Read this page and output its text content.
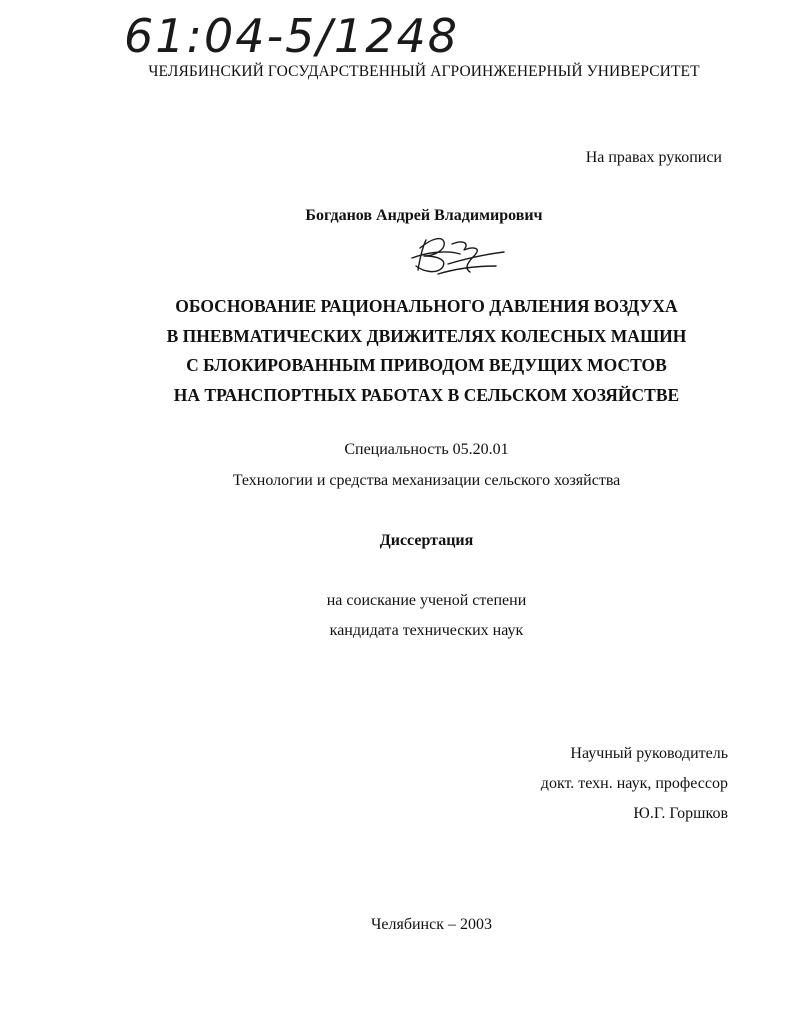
61:04-5/1248
ЧЕЛЯБИНСКИЙ ГОСУДАРСТВЕННЫЙ АГРОИНЖЕНЕРНЫЙ УНИВЕРСИТЕТ
На правах рукописи
Богданов Андрей Владимирович
ОБОСНОВАНИЕ РАЦИОНАЛЬНОГО ДАВЛЕНИЯ ВОЗДУХА
В ПНЕВМАТИЧЕСКИХ ДВИЖИТЕЛЯХ КОЛЕСНЫХ МАШИН
С БЛОКИРОВАННЫМ ПРИВОДОМ ВЕДУЩИХ МОСТОВ
НА ТРАНСПОРТНЫХ РАБОТАХ В СЕЛЬСКОМ ХОЗЯЙСТВЕ
Специальность 05.20.01
Технологии и средства механизации сельского хозяйства
Диссертация
на соискание ученой степени
кандидата технических наук
Научный руководитель
докт. техн. наук, профессор
Ю.Г. Горшков
Челябинск – 2003
